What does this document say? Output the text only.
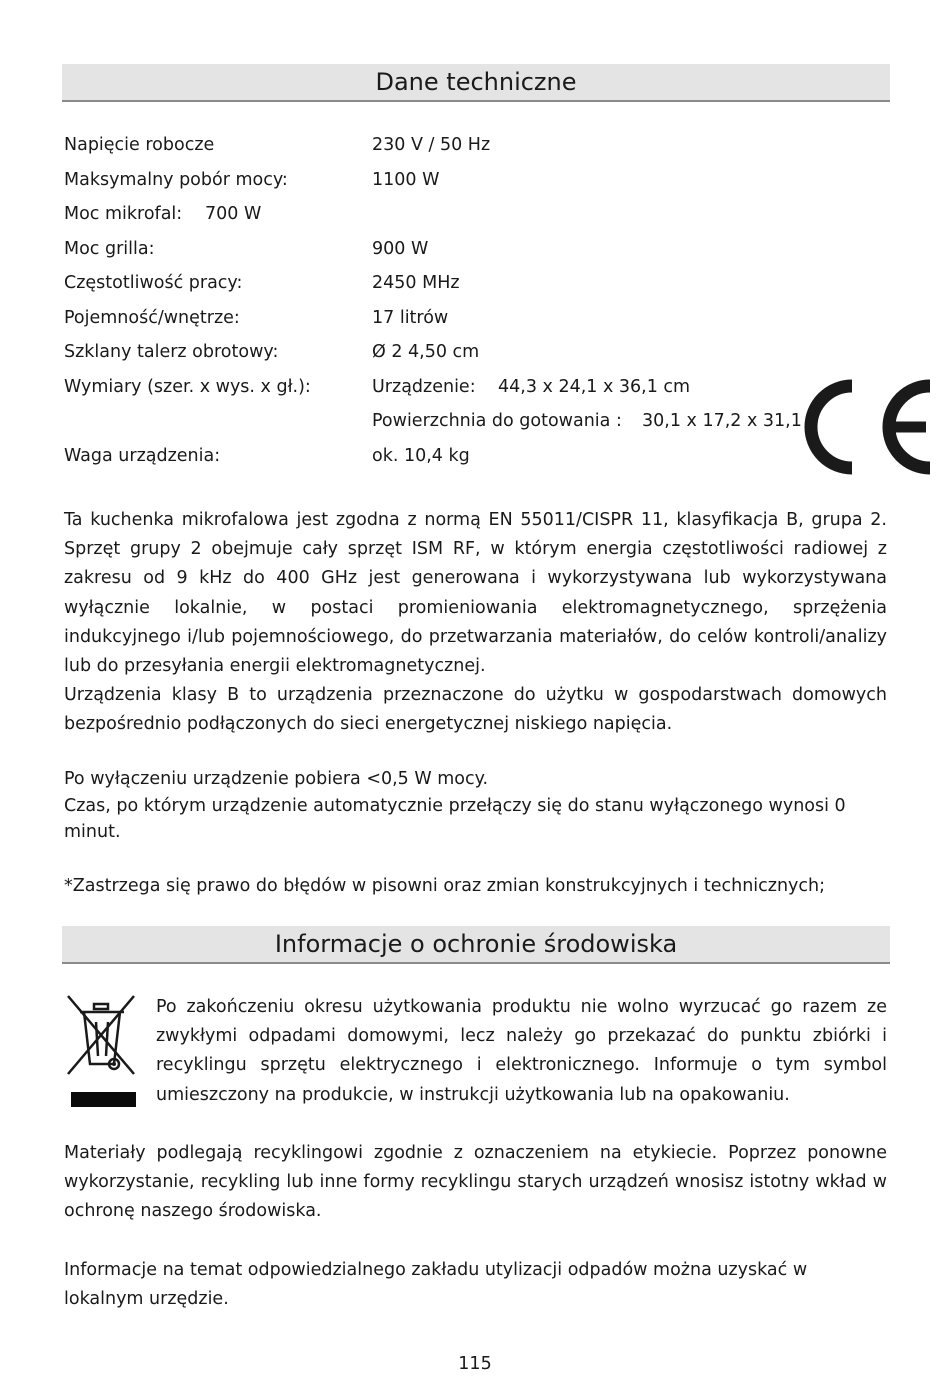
Dane techniczne
Napięcie robocze	230 V / 50 Hz
Maksymalny pobór mocy:	1100 W
Moc mikrofal: 700 W
Moc grilla:	900 W
Częstotliwość pracy:	2450 MHz
Pojemność/wnętrze:	17 litrów
Szklany talerz obrotowy:	Ø 2 4,50 cm
Wymiary (szer. x wys. x gł.):	Urządzenie: 44,3 x 24,1 x 36,1 cm
Powierzchnia do gotowania : 30,1 x 17,2 x 31,1
Waga urządzenia:	ok. 10,4 kg

Ta kuchenka mikrofalowa jest zgodna z normą EN 55011/CISPR 11, klasyfikacja B, grupa 2. Sprzęt grupy 2 obejmuje cały sprzęt ISM RF, w którym energia częstotliwości radiowej z zakresu od 9 kHz do 400 GHz jest generowana i wykorzystywana lub wykorzystywana wyłącznie lokalnie, w postaci promieniowania elektromagnetycznego, sprzężenia indukcyjnego i/lub pojemnościowego, do przetwarzania materiałów, do celów kontroli/analizy lub do przesyłania energii elektromagnetycznej.

Urządzenia klasy B to urządzenia przeznaczone do użytku w gospodarstwach domowych bezpośrednio podłączonych do sieci energetycznej niskiego napięcia.

Po wyłączeniu urządzenie pobiera <0,5 W mocy.
Czas, po którym urządzenie automatycznie przełączy się do stanu wyłączonego wynosi 0 minut.

*Zastrzega się prawo do błędów w pisowni oraz zmian konstrukcyjnych i technicznych;

Informacje o ochronie środowiska

Po zakończeniu okresu użytkowania produktu nie wolno wyrzucać go razem ze zwykłymi odpadami domowymi, lecz należy go przekazać do punktu zbiórki i recyklingu sprzętu elektrycznego i elektronicznego. Informuje o tym symbol umieszczony na produkcie, w instrukcji użytkowania lub na opakowaniu.

Materiały podlegają recyklingowi zgodnie z oznaczeniem na etykiecie. Poprzez ponowne wykorzystanie, recykling lub inne formy recyklingu starych urządzeń wnosisz istotny wkład w ochronę naszego środowiska.

Informacje na temat odpowiedzialnego zakładu utylizacji odpadów można uzyskać w lokalnym urzędzie.

115
